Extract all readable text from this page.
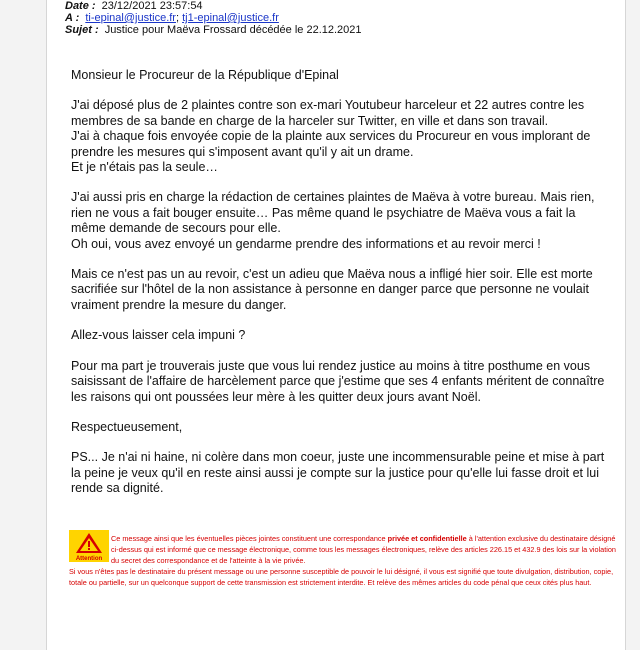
Date : 23/12/2021 23:57:54
A : ti-epinal@justice.fr; tj1-epinal@justice.fr
Sujet : Justice pour Maëva Frossard décédée le 22.12.2021

Monsieur le Procureur de la République d'Epinal

J'ai déposé plus de 2 plaintes contre son ex-mari Youtubeur harceleur et 22 autres contre les membres de sa bande en charge de la harceler sur Twitter, en ville et dans son travail.

J'ai à chaque fois envoyée copie de la plainte aux services du Procureur en vous implorant de prendre les mesures qui s'imposent avant qu'il y ait un drame.

Et je n'étais pas la seule…

J'ai aussi pris en charge la rédaction de certaines plaintes de Maëva à votre bureau. Mais rien, rien ne vous a fait bouger ensuite… Pas même quand le psychiatre de Maëva vous a fait la même demande de secours pour elle.

Oh oui, vous avez envoyé un gendarme prendre des informations et au revoir merci !

Mais ce n'est pas un au revoir, c'est un adieu que Maëva nous a infligé hier soir. Elle est morte sacrifiée sur l'hôtel de la non assistance à personne en danger parce que personne ne voulait vraiment prendre la mesure du danger.

Allez-vous laisser cela impuni ?

Pour ma part je trouverais juste que vous lui rendez justice au moins à titre posthume en vous saisissant de l'affaire de harcèlement parce que j'estime que ses 4 enfants méritent de connaître les raisons qui ont poussées leur mère à les quitter deux jours avant Noël.

Respectueusement,

PS... Je n'ai ni haine, ni colère dans mon coeur, juste une incommensurable peine et mise à part la peine je veux qu'il en reste ainsi aussi je compte sur la justice pour qu'elle lui fasse droit et lui rende sa dignité.

Attention
Ce message ainsi que les éventuelles pièces jointes constituent une correspondance privée et confidentielle à l'attention exclusive du destinataire désigné ci-dessus qui est informé que ce message électronique, comme tous les messages électroniques, relève des articles 226.15 et 432.9 des lois sur la violation du secret des correspondance et de l'atteinte à la vie privée.
Si vous n'êtes pas le destinataire du présent message ou une personne susceptible de pouvoir le lui désigné, il vous est signifié que toute divulgation, distribution, copie, totale ou partielle, sur un quelconque support de cette transmission est strictement interdite. Et relève des mêmes articles du code pénal que ceux cités plus haut.
